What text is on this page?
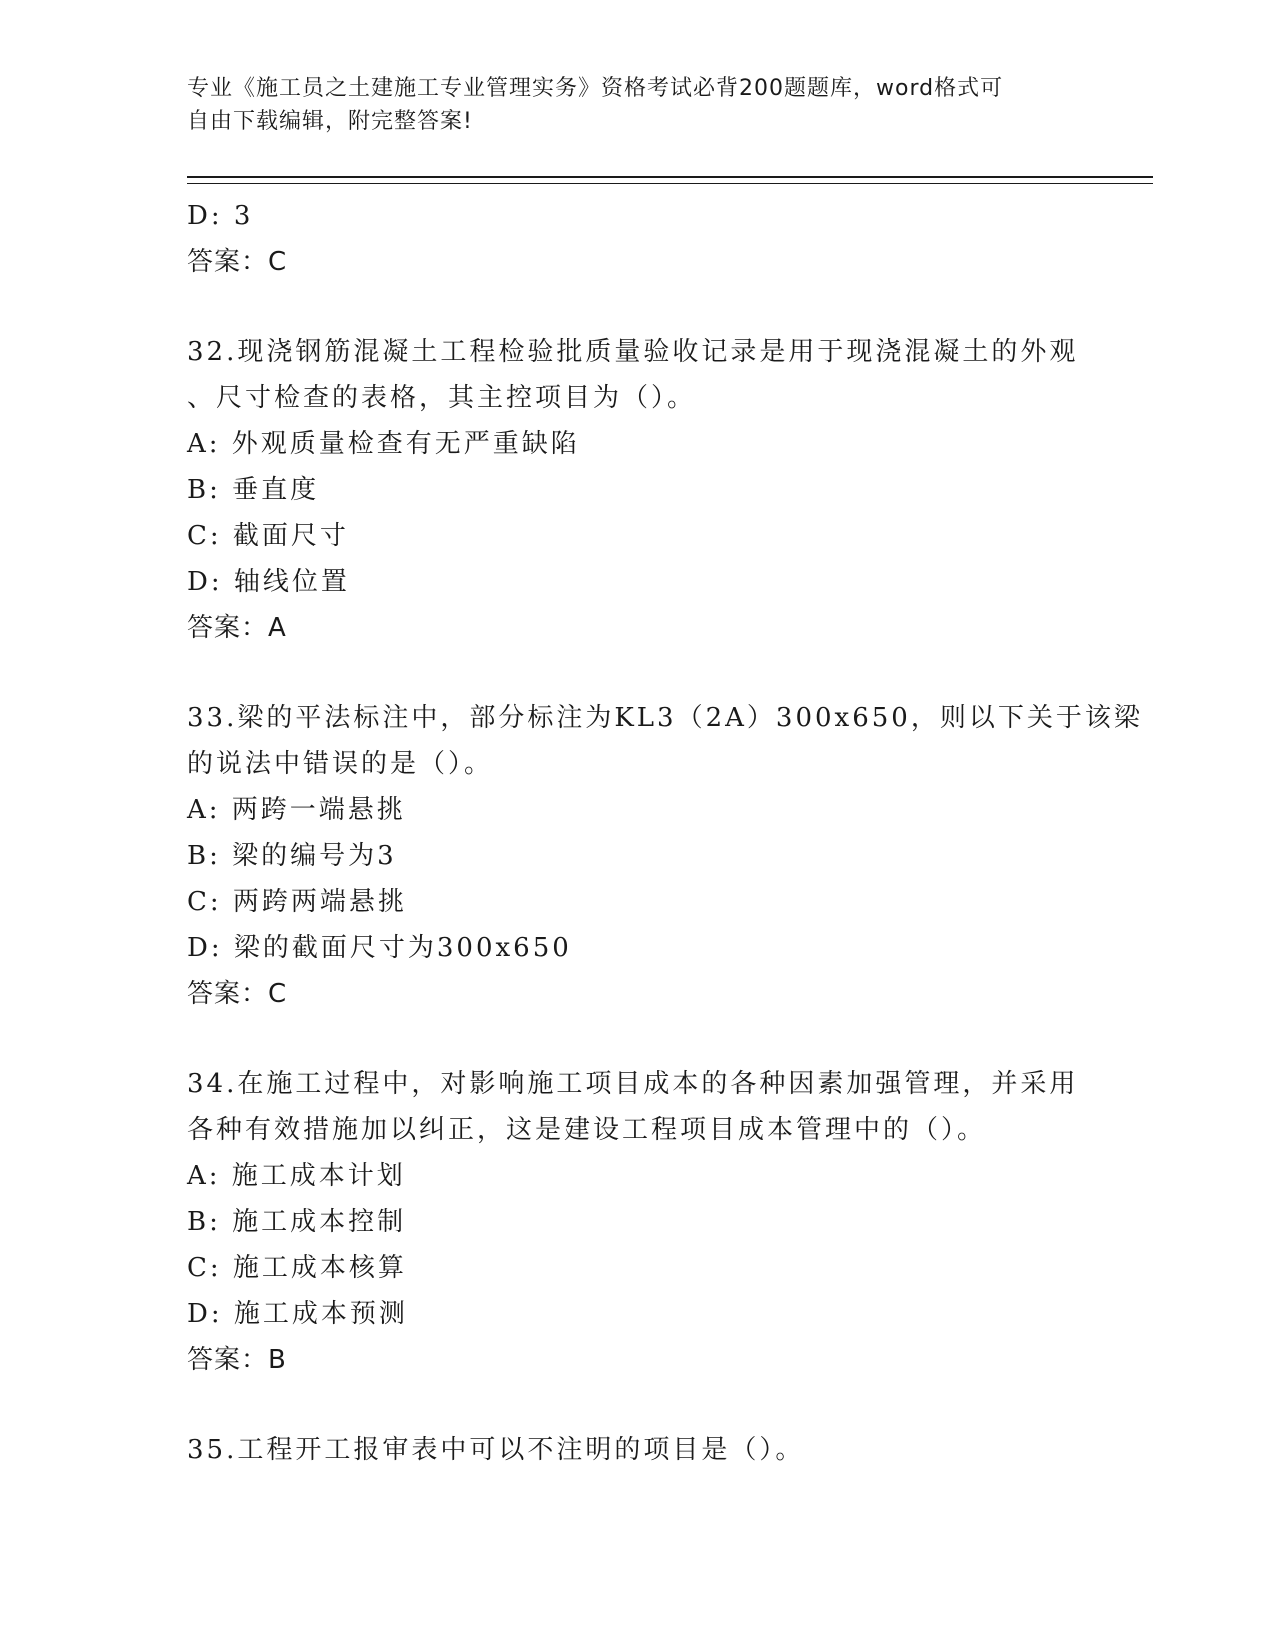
专业《施工员之土建施工专业管理实务》资格考试必背200题题库，word格式可
自由下载编辑，附完整答案!
D: 3
答案：C
32.现浇钢筋混凝土工程检验批质量验收记录是用于现浇混凝土的外观
、尺寸检查的表格，其主控项目为（）。
A: 外观质量检查有无严重缺陷
B: 垂直度
C: 截面尺寸
D: 轴线位置
答案：A
33.梁的平法标注中，部分标注为KL3（2A）300x650，则以下关于该梁
的说法中错误的是（）。
A: 两跨一端悬挑
B: 梁的编号为3
C: 两跨两端悬挑
D: 梁的截面尺寸为300x650
答案：C
34.在施工过程中，对影响施工项目成本的各种因素加强管理，并采用
各种有效措施加以纠正，这是建设工程项目成本管理中的（）。
A: 施工成本计划
B: 施工成本控制
C: 施工成本核算
D: 施工成本预测
答案：B
35.工程开工报审表中可以不注明的项目是（）。
